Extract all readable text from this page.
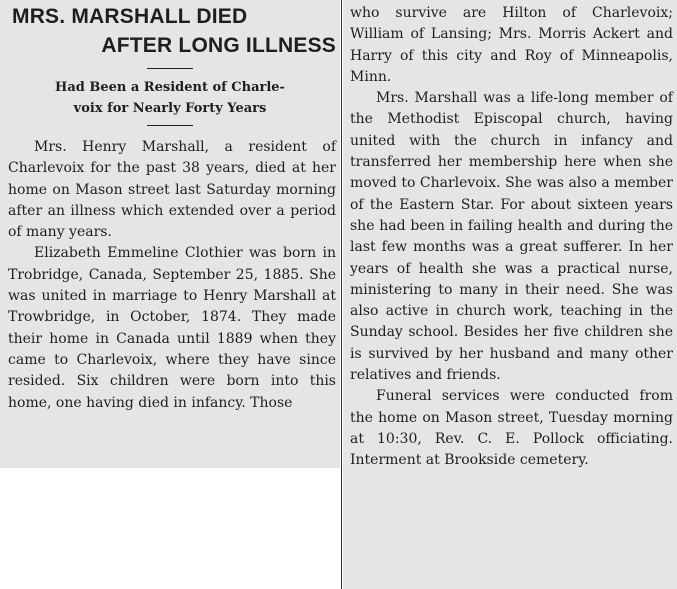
MRS. MARSHALL DIED
AFTER LONG ILLNESS
Had Been a Resident of Charle-
voix for Nearly Forty Years

Mrs. Henry Marshall, a resident of Charlevoix for the past 38 years, died at her home on Mason street last Saturday morning after an illness which extended over a period of many years.

Elizabeth Emmeline Clothier was born in Trobridge, Canada, September 25, 1885. She was united in marriage to Henry Marshall at Trowbridge, in October, 1874. They made their home in Canada until 1889 when they came to Charlevoix, where they have since resided. Six children were born into this home, one having died in infancy. Those

who survive are Hilton of Charlevoix; William of Lansing; Mrs. Morris Ackert and Harry of this city and Roy of Minneapolis, Minn.

Mrs. Marshall was a life-long member of the Methodist Episcopal church, having united with the church in infancy and transferred her membership here when she moved to Charlevoix. She was also a member of the Eastern Star. For about sixteen years she had been in failing health and during the last few months was a great sufferer. In her years of health she was a practical nurse, ministering to many in their need. She was also active in church work, teaching in the Sunday school. Besides her five children she is survived by her husband and many other relatives and friends.

Funeral services were conducted from the home on Mason street, Tuesday morning at 10:30, Rev. C. E. Pollock officiating. Interment at Brookside cemetery.
